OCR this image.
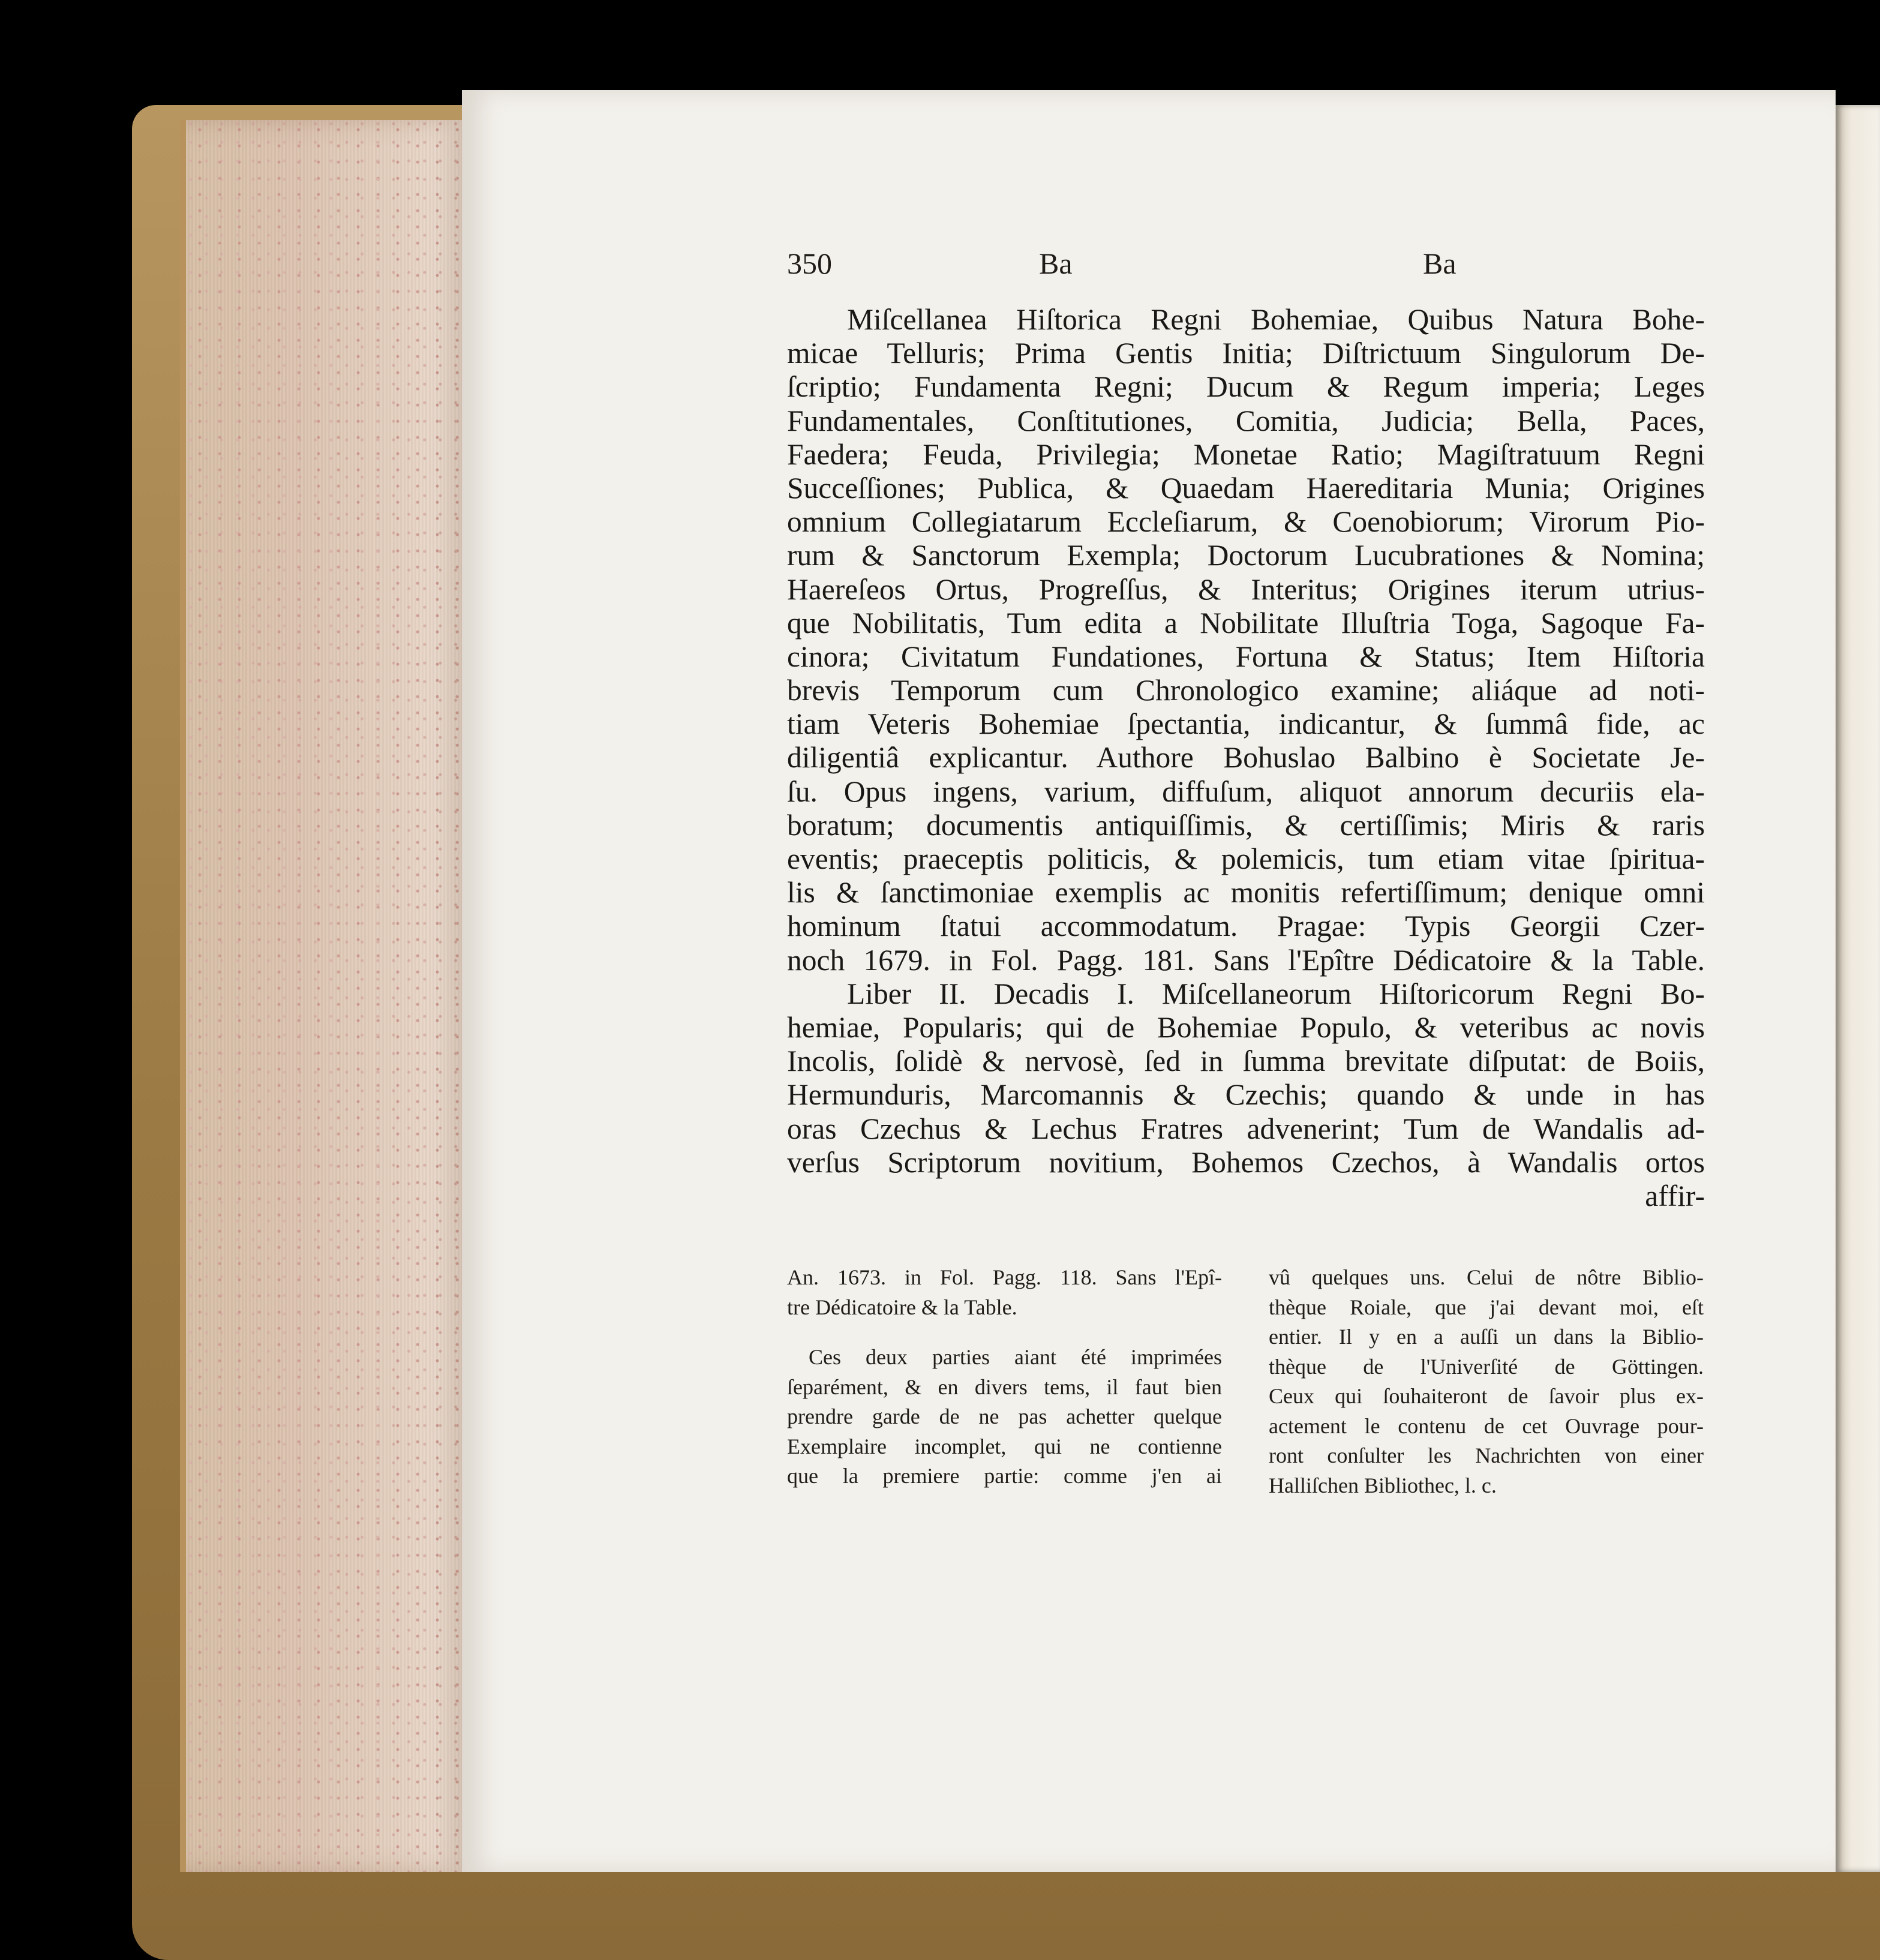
350	Ba	Ba
Miſcellanea Hiſtorica Regni Bohemiae, Quibus Natura Bohe-
micae Telluris; Prima Gentis Initia; Diſtrictuum Singulorum De-
ſcriptio; Fundamenta Regni; Ducum & Regum imperia; Leges
Fundamentales, Conſtitutiones, Comitia, Judicia; Bella, Paces,
Faedera; Feuda, Privilegia; Monetae Ratio; Magiſtratuum Regni
Succeſſiones; Publica, & Quaedam Haereditaria Munia; Origines
omnium Collegiatarum Eccleſiarum, & Coenobiorum; Virorum Pio-
rum & Sanctorum Exempla; Doctorum Lucubrationes & Nomina;
Haereſeos Ortus, Progreſſus, & Interitus; Origines iterum utrius-
que Nobilitatis, Tum edita a Nobilitate Illuſtria Toga, Sagoque Fa-
cinora; Civitatum Fundationes, Fortuna & Status; Item Hiſtoria
brevis Temporum cum Chronologico examine; aliáque ad noti-
tiam Veteris Bohemiae ſpectantia, indicantur, & ſummâ fide, ac
diligentiâ explicantur. Authore Bohuslao Balbino è Societate Je-
ſu. Opus ingens, varium, diffuſum, aliquot annorum decuriis ela-
boratum; documentis antiquiſſimis, & certiſſimis; Miris & raris
eventis; praeceptis politicis, & polemicis, tum etiam vitae ſpiritua-
lis & ſanctimoniae exemplis ac monitis refertiſſimum; denique omni
hominum ſtatui accommodatum. Pragae: Typis Georgii Czer-
noch 1679. in Fol. Pagg. 181. Sans l'Epître Dédicatoire & la Table.
Liber II. Decadis I. Miſcellaneorum Hiſtoricorum Regni Bo-
hemiae, Popularis; qui de Bohemiae Populo, & veteribus ac novis
Incolis, ſolidè & nervosè, ſed in ſumma brevitate diſputat: de Boiis,
Hermunduris, Marcomannis & Czechis; quando & unde in has
oras Czechus & Lechus Fratres advenerint; Tum de Wandalis ad-
verſus Scriptorum novitium, Bohemos Czechos, à Wandalis ortos
affir-
An. 1673. in Fol. Pagg. 118. Sans l'Epî-
tre Dédicatoire & la Table.
Ces deux parties aiant été imprimées
ſeparément, & en divers tems, il faut bien
prendre garde de ne pas achetter quelque
Exemplaire incomplet, qui ne contienne
que la premiere partie: comme j'en ai
vû quelques uns. Celui de nôtre Biblio-
thèque Roiale, que j'ai devant moi, eſt
entier. Il y en a auſſi un dans la Biblio-
thèque de l'Univerſité de Göttingen.
Ceux qui ſouhaiteront de ſavoir plus ex-
actement le contenu de cet Ouvrage pour-
ront conſulter les Nachrichten von einer
Halliſchen Bibliothec, l. c.
